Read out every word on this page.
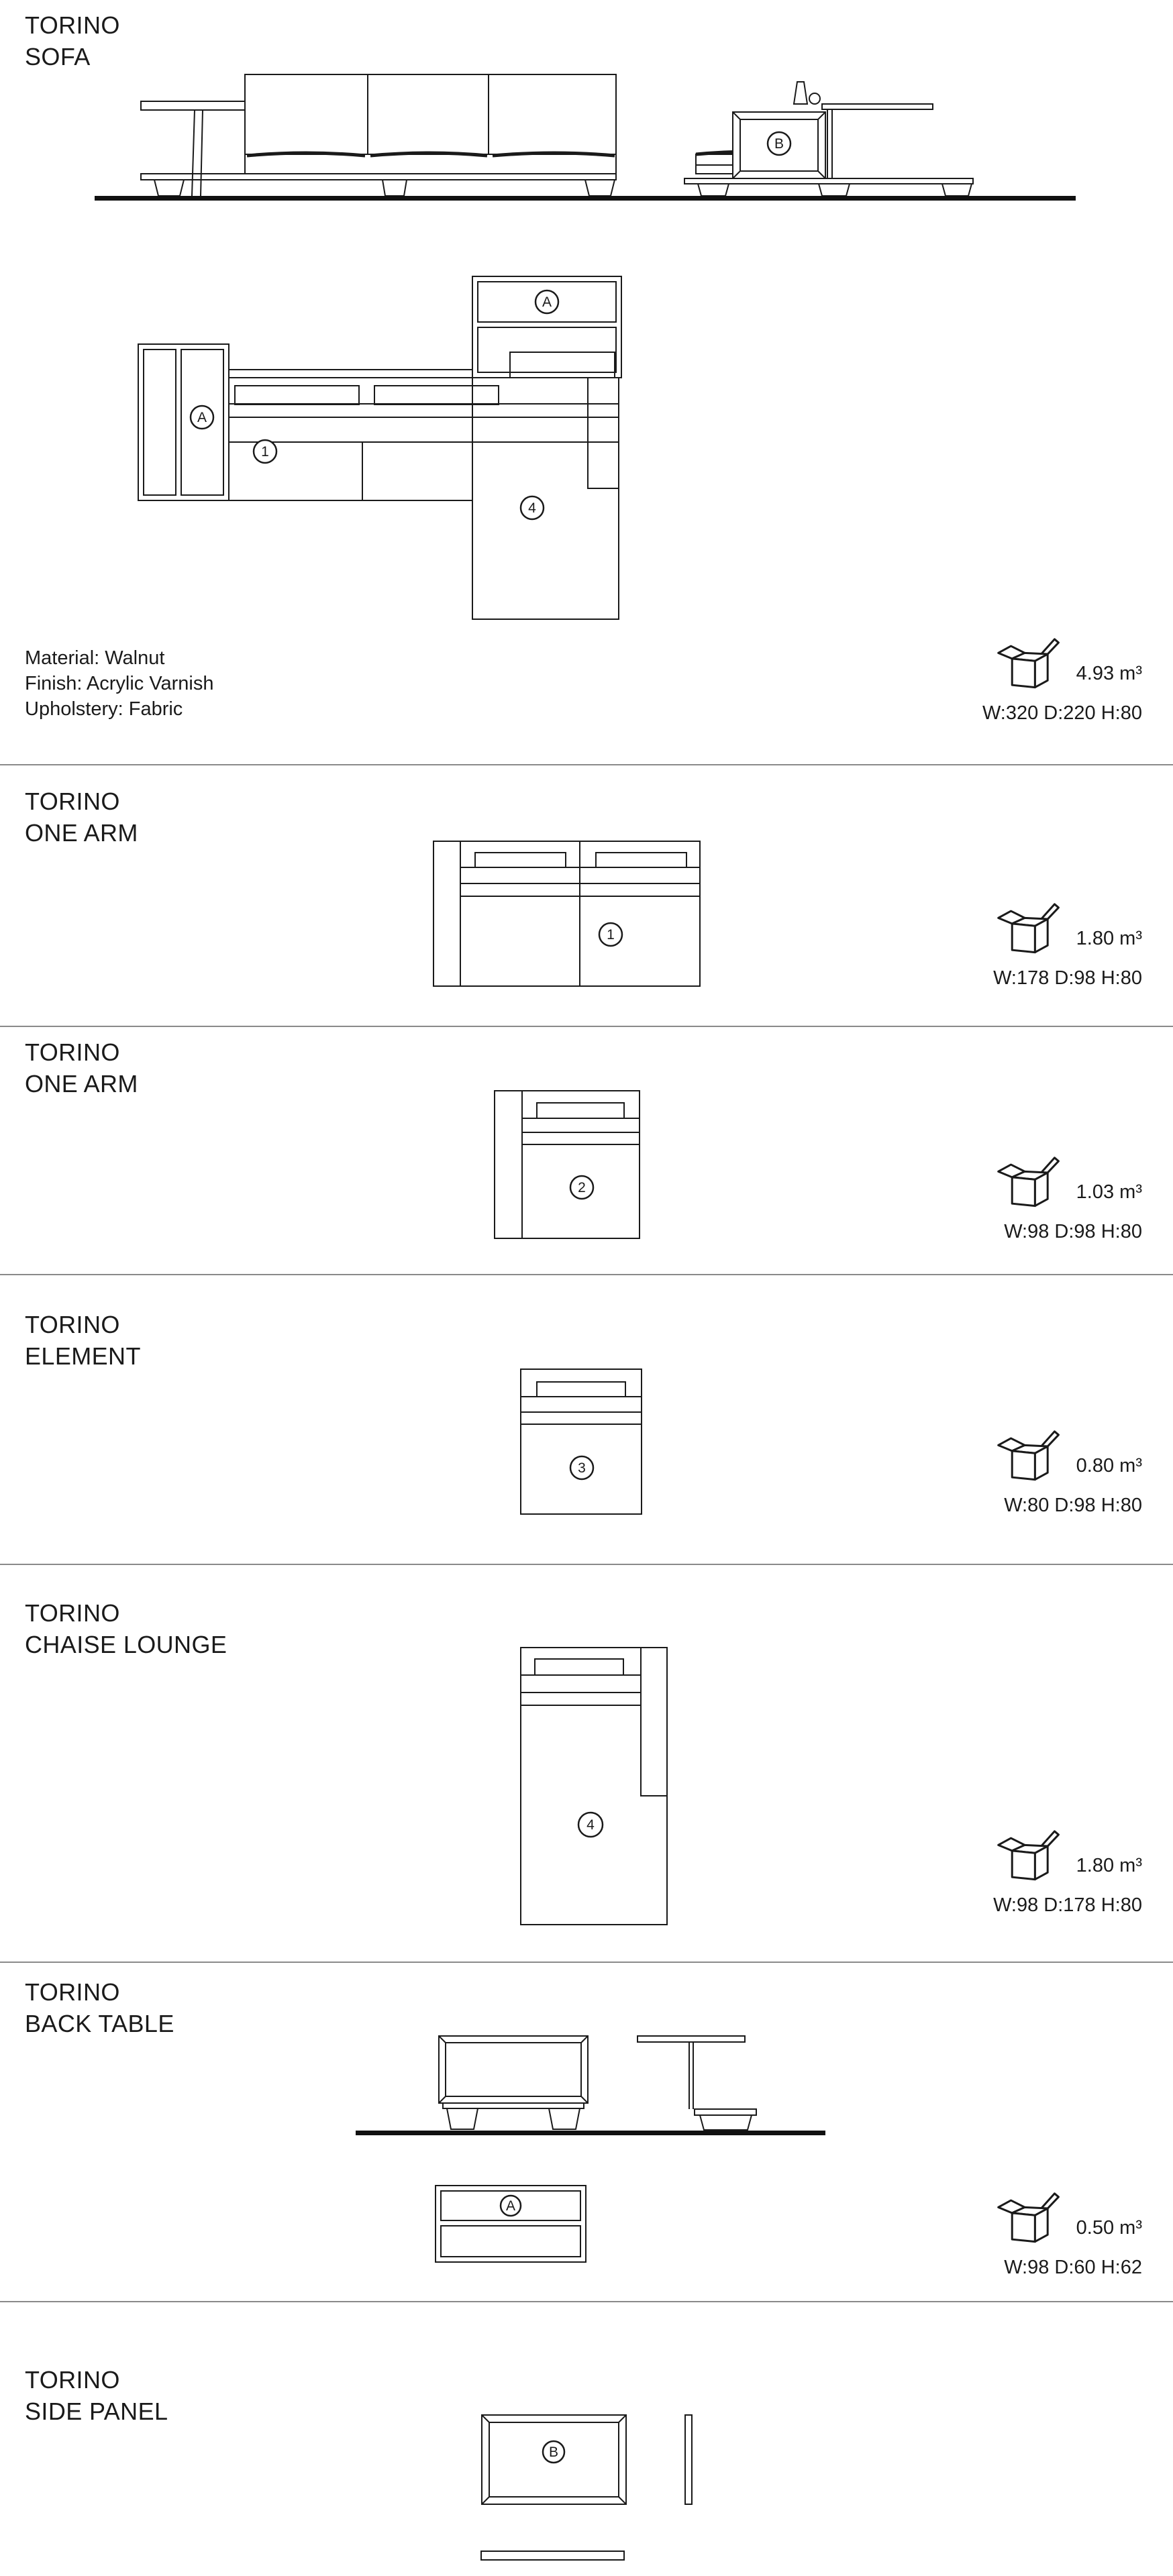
TORINO
SOFA
B
A
A
1
4
Material: Walnut
Finish: Acrylic Varnish
Upholstery: Fabric
4.93 m³
W:320 D:220 H:80
TORINO
ONE ARM
1	1.80 m³
W:178 D:98 H:80
TORINO
ONE ARM
2	1.03 m³
W:98 D:98 H:80
TORINO
ELEMENT
3	0.80 m³
W:80 D:98 H:80
TORINO
CHAISE LOUNGE
4
1.80 m³
W:98 D:178 H:80
TORINO
BACK TABLE
A
0.50 m³
W:98 D:60 H:62
TORINO
SIDE PANEL
B
